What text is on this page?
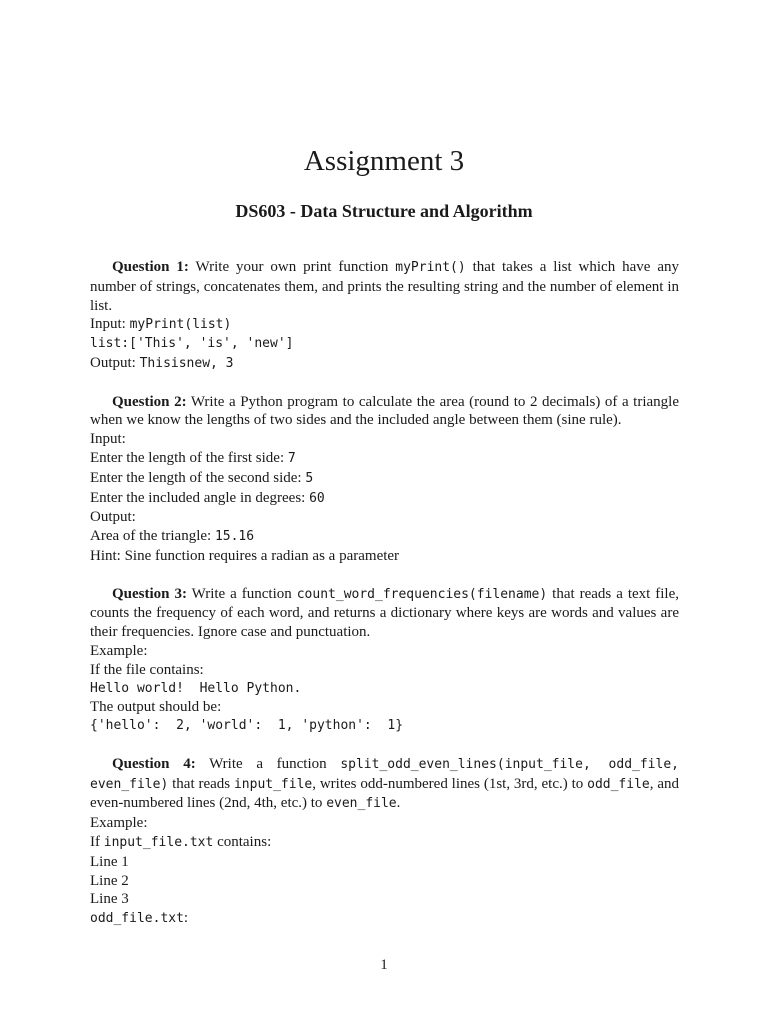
Assignment 3
DS603 - Data Structure and Algorithm

Question 1: Write your own print function myPrint() that takes a list which have any number of strings, concatenates them, and prints the resulting string and the number of element in list.

Input: myPrint(list)
list:['This', 'is', 'new']
Output: Thisisnew, 3

Question 2: Write a Python program to calculate the area (round to 2 decimals) of a triangle when we know the lengths of two sides and the included angle between them (sine rule).

Input:
Enter the length of the first side: 7
Enter the length of the second side: 5
Enter the included angle in degrees: 60
Output:
Area of the triangle: 15.16
Hint: Sine function requires a radian as a parameter

Question 3: Write a function count_word_frequencies(filename) that reads a text file, counts the frequency of each word, and returns a dictionary where keys are words and values are their frequencies. Ignore case and punctuation.

Example:
If the file contains:
Hello world!  Hello Python.
The output should be:
{'hello':  2, 'world':  1, 'python':  1}

Question 4: Write a function split_odd_even_lines(input_file, odd_file, even_file) that reads input_file, writes odd-numbered lines (1st, 3rd, etc.) to odd_file, and even-numbered lines (2nd, 4th, etc.) to even_file.

Example:
If input_file.txt contains:
Line 1
Line 2
Line 3
odd_file.txt:
1
